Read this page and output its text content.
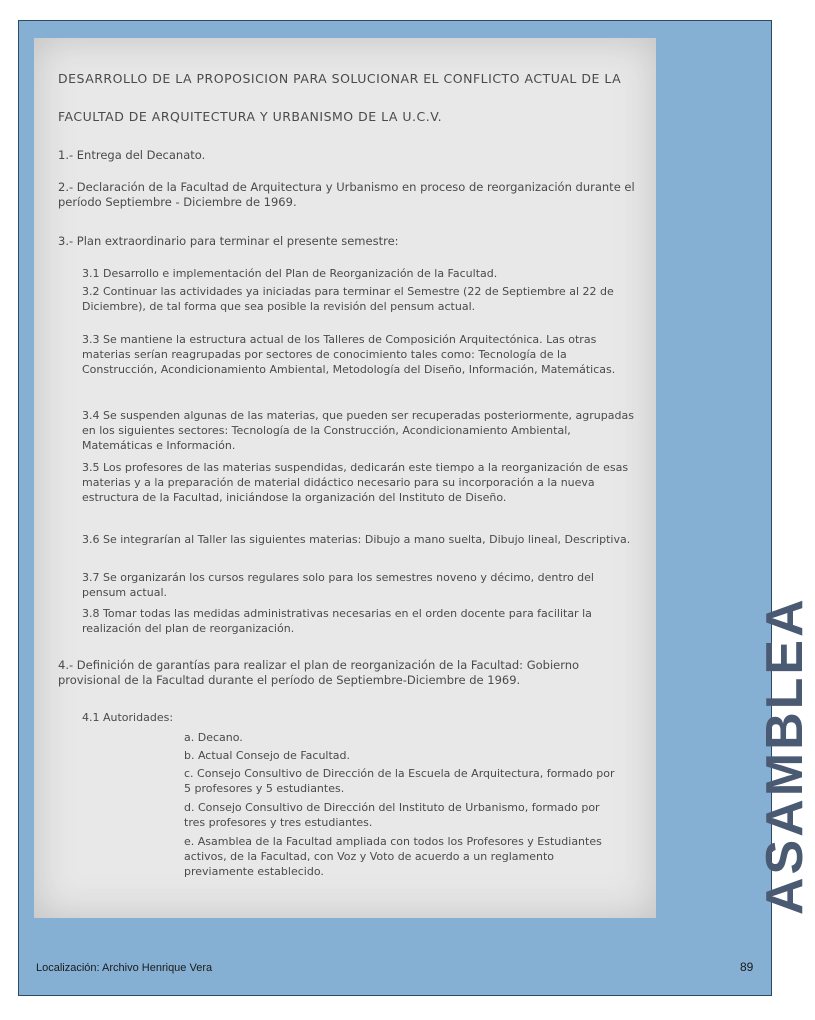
DESARROLLO DE LA PROPOSICION PARA SOLUCIONAR EL CONFLICTO ACTUAL DE LA FACULTAD DE ARQUITECTURA Y URBANISMO DE LA U.C.V.

1.- Entrega del Decanato.

2.- Declaración de la Facultad de Arquitectura y Urbanismo en proceso de reorganización durante el período Septiembre - Diciembre de 1969.

3.- Plan extraordinario para terminar el presente semestre:

3.1 Desarrollo e implementación del Plan de Reorganización de la Facultad.

3.2 Continuar las actividades ya iniciadas para terminar el Semestre (22 de Septiembre al 22 de Diciembre), de tal forma que sea posible la revisión del pensum actual.

3.3 Se mantiene la estructura actual de los Talleres de Composición Arquitectónica. Las otras materias serían reagrupadas por sectores de conocimiento tales como: Tecnología de la Construcción, Acondicionamiento Ambiental, Metodología del Diseño, Información, Matemáticas.

3.4 Se suspenden algunas de las materias, que pueden ser recuperadas posteriormente, agrupadas en los siguientes sectores: Tecnología de la Construcción, Acondicionamiento Ambiental, Matemáticas e Información.

3.5 Los profesores de las materias suspendidas, dedicarán este tiempo a la reorganización de esas materias y a la preparación de material didáctico necesario para su incorporación a la nueva estructura de la Facultad, iniciándose la organización del Instituto de Diseño.

3.6 Se integrarían al Taller las siguientes materias: Dibujo a mano suelta, Dibujo lineal, Descriptiva.

3.7 Se organizarán los cursos regulares solo para los semestres noveno y décimo, dentro del pensum actual.

3.8 Tomar todas las medidas administrativas necesarias en el orden docente para facilitar la realización del plan de reorganización.

4.- Definición de garantías para realizar el plan de reorganización de la Facultad: Gobierno provisional de la Facultad durante el período de Septiembre-Diciembre de 1969.

4.1 Autoridades:

a. Decano.

b. Actual Consejo de Facultad.

c. Consejo Consultivo de Dirección de la Escuela de Arquitectura, formado por 5 profesores y 5 estudiantes.

d. Consejo Consultivo de Dirección del Instituto de Urbanismo, formado por tres profesores y tres estudiantes.

e. Asamblea de la Facultad ampliada con todos los Profesores y Estudiantes activos, de la Facultad, con Voz y Voto de acuerdo a un reglamento previamente establecido.	ASAMBLEA
Localización: Archivo Henrique Vera	89
